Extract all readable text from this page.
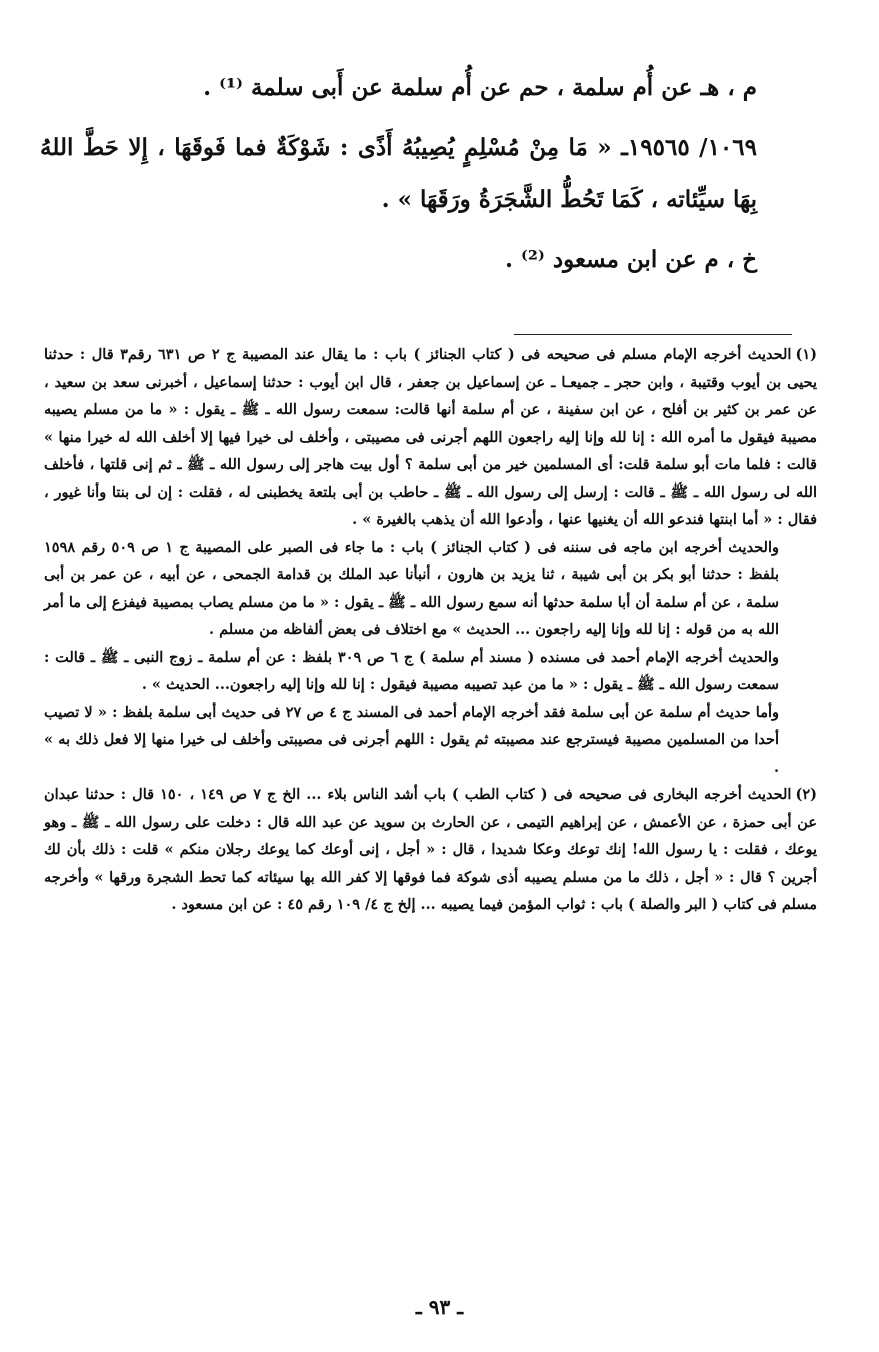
م ، هـ عن أُم سلمة ، حم عن أُم سلمة عن أَبى سلمة ⁽¹⁾ .

١٠٦٩/ ١٩٥٦٥ـ « مَا مِنْ مُسْلِمٍ يُصِيبُهُ أَذًى : شَوْكَةٌ فما فَوقَهَا ، إِلا حَطَّ اللهُ بِهَا سيِّئاته ، كَمَا تَحُطُّ الشَّجَرَةُ ورَقَهَا » .

خ ، م عن ابن مسعود ⁽²⁾ .

(١)الحديث أخرجه الإمام مسلم فى صحيحه فى ( كتاب الجنائز ) باب : ما يقال عند المصيبة ج ٢ ص ٦٣١ رقم٣ قال : حدثنا يحيى بن أيوب وقتيبة ، وابن حجر ـ جميعـا ـ عن إسماعيل بن جعفر ، قال ابن أيوب : حدثنا إسماعيل ، أخبرنى سعد بن سعيد ، عن عمر بن كثير بن أفلح ، عن ابن سفينة ، عن أم سلمة أنها قالت: سمعت رسول الله ـ ﷺ ـ يقول : « ما من مسلم يصيبه مصيبة فيقول ما أمره الله : إنا لله وإنا إليه راجعون اللهم أجرنى فى مصيبتى ، وأخلف لى خيرا فيها إلا أخلف الله له خيرا منها » قالت : فلما مات أبو سلمة قلت: أى المسلمين خير من أبى سلمة ؟ أول بيت هاجر إلى رسول الله ـ ﷺ ـ ثم إنى قلتها ، فأخلف الله لى رسول الله ـ ﷺ ـ قالت : إرسل إلى رسول الله ـ ﷺ ـ حاطب بن أبى بلتعة يخطبنى له ، فقلت : إن لى بنتا وأنا غيور ، فقال : « أما ابنتها فندعو الله أن يغنيها عنها ، وأدعوا الله أن يذهب بالغيرة » .

والحديث أخرجه ابن ماجه فى سننه فى ( كتاب الجنائز ) باب : ما جاء فى الصبر على المصيبة ج ١ ص ٥٠٩ رقم ١٥٩٨ بلفظ : حدثنا أبو بكر بن أبى شيبة ، ثنا يزيد بن هارون ، أنبأنا عبد الملك بن قدامة الجمحى ، عن أبيه ، عن عمر بن أبى سلمة ، عن أم سلمة أن أبا سلمة حدثها أنه سمع رسول الله ـ ﷺ ـ يقول : « ما من مسلم يصاب بمصيبة فيفزع إلى ما أمر الله به من قوله : إنا لله وإنا إليه راجعون ... الحديث » مع اختلاف فى بعض ألفاظه من مسلم .

والحديث أخرجه الإمام أحمد فى مسنده ( مسند أم سلمة ) ج ٦ ص ٣٠٩ بلفظ : عن أم سلمة ـ زوج النبى ـ ﷺ ـ قالت : سمعت رسول الله ـ ﷺ ـ يقول : « ما من عبد تصيبه مصيبة فيقول : إنا لله وإنا إليه راجعون... الحديث » .

وأما حديث أم سلمة عن أبى سلمة فقد أخرجه الإمام أحمد فى المسند ج ٤ ص ٢٧ فى حديث أبى سلمة بلفظ : « لا تصيب أحدا من المسلمين مصيبة فيسترجع عند مصيبته ثم يقول : اللهم أجرنى فى مصيبتى وأخلف لى خيرا منها إلا فعل ذلك به » .

(٢)الحديث أخرجه البخارى فى صحيحه فى ( كتاب الطب ) باب أشد الناس بلاء ... الخ ج ٧ ص ١٤٩ ، ١٥٠ قال : حدثنا عبدان عن أبى حمزة ، عن الأعمش ، عن إبراهيم التيمى ، عن الحارث بن سويد عن عبد الله قال : دخلت على رسول الله ـ ﷺ ـ وهو يوعك ، فقلت : يا رسول الله! إنك توعك وعكا شديدا ، قال : « أجل ، إنى أوعك كما يوعك رجلان منكم » قلت : ذلك بأن لك أجرين ؟ قال : « أجل ، ذلك ما من مسلم يصيبه أذى شوكة فما فوقها إلا كفر الله بها سيئاته كما تحط الشجرة ورقها » وأخرجه مسلم فى كتاب ( البر والصلة ) باب : ثواب المؤمن فيما يصيبه ... إلخ ج ٤/ ١٠٩ رقم ٤٥ : عن ابن مسعود .

ـ ٩٣ ـ
